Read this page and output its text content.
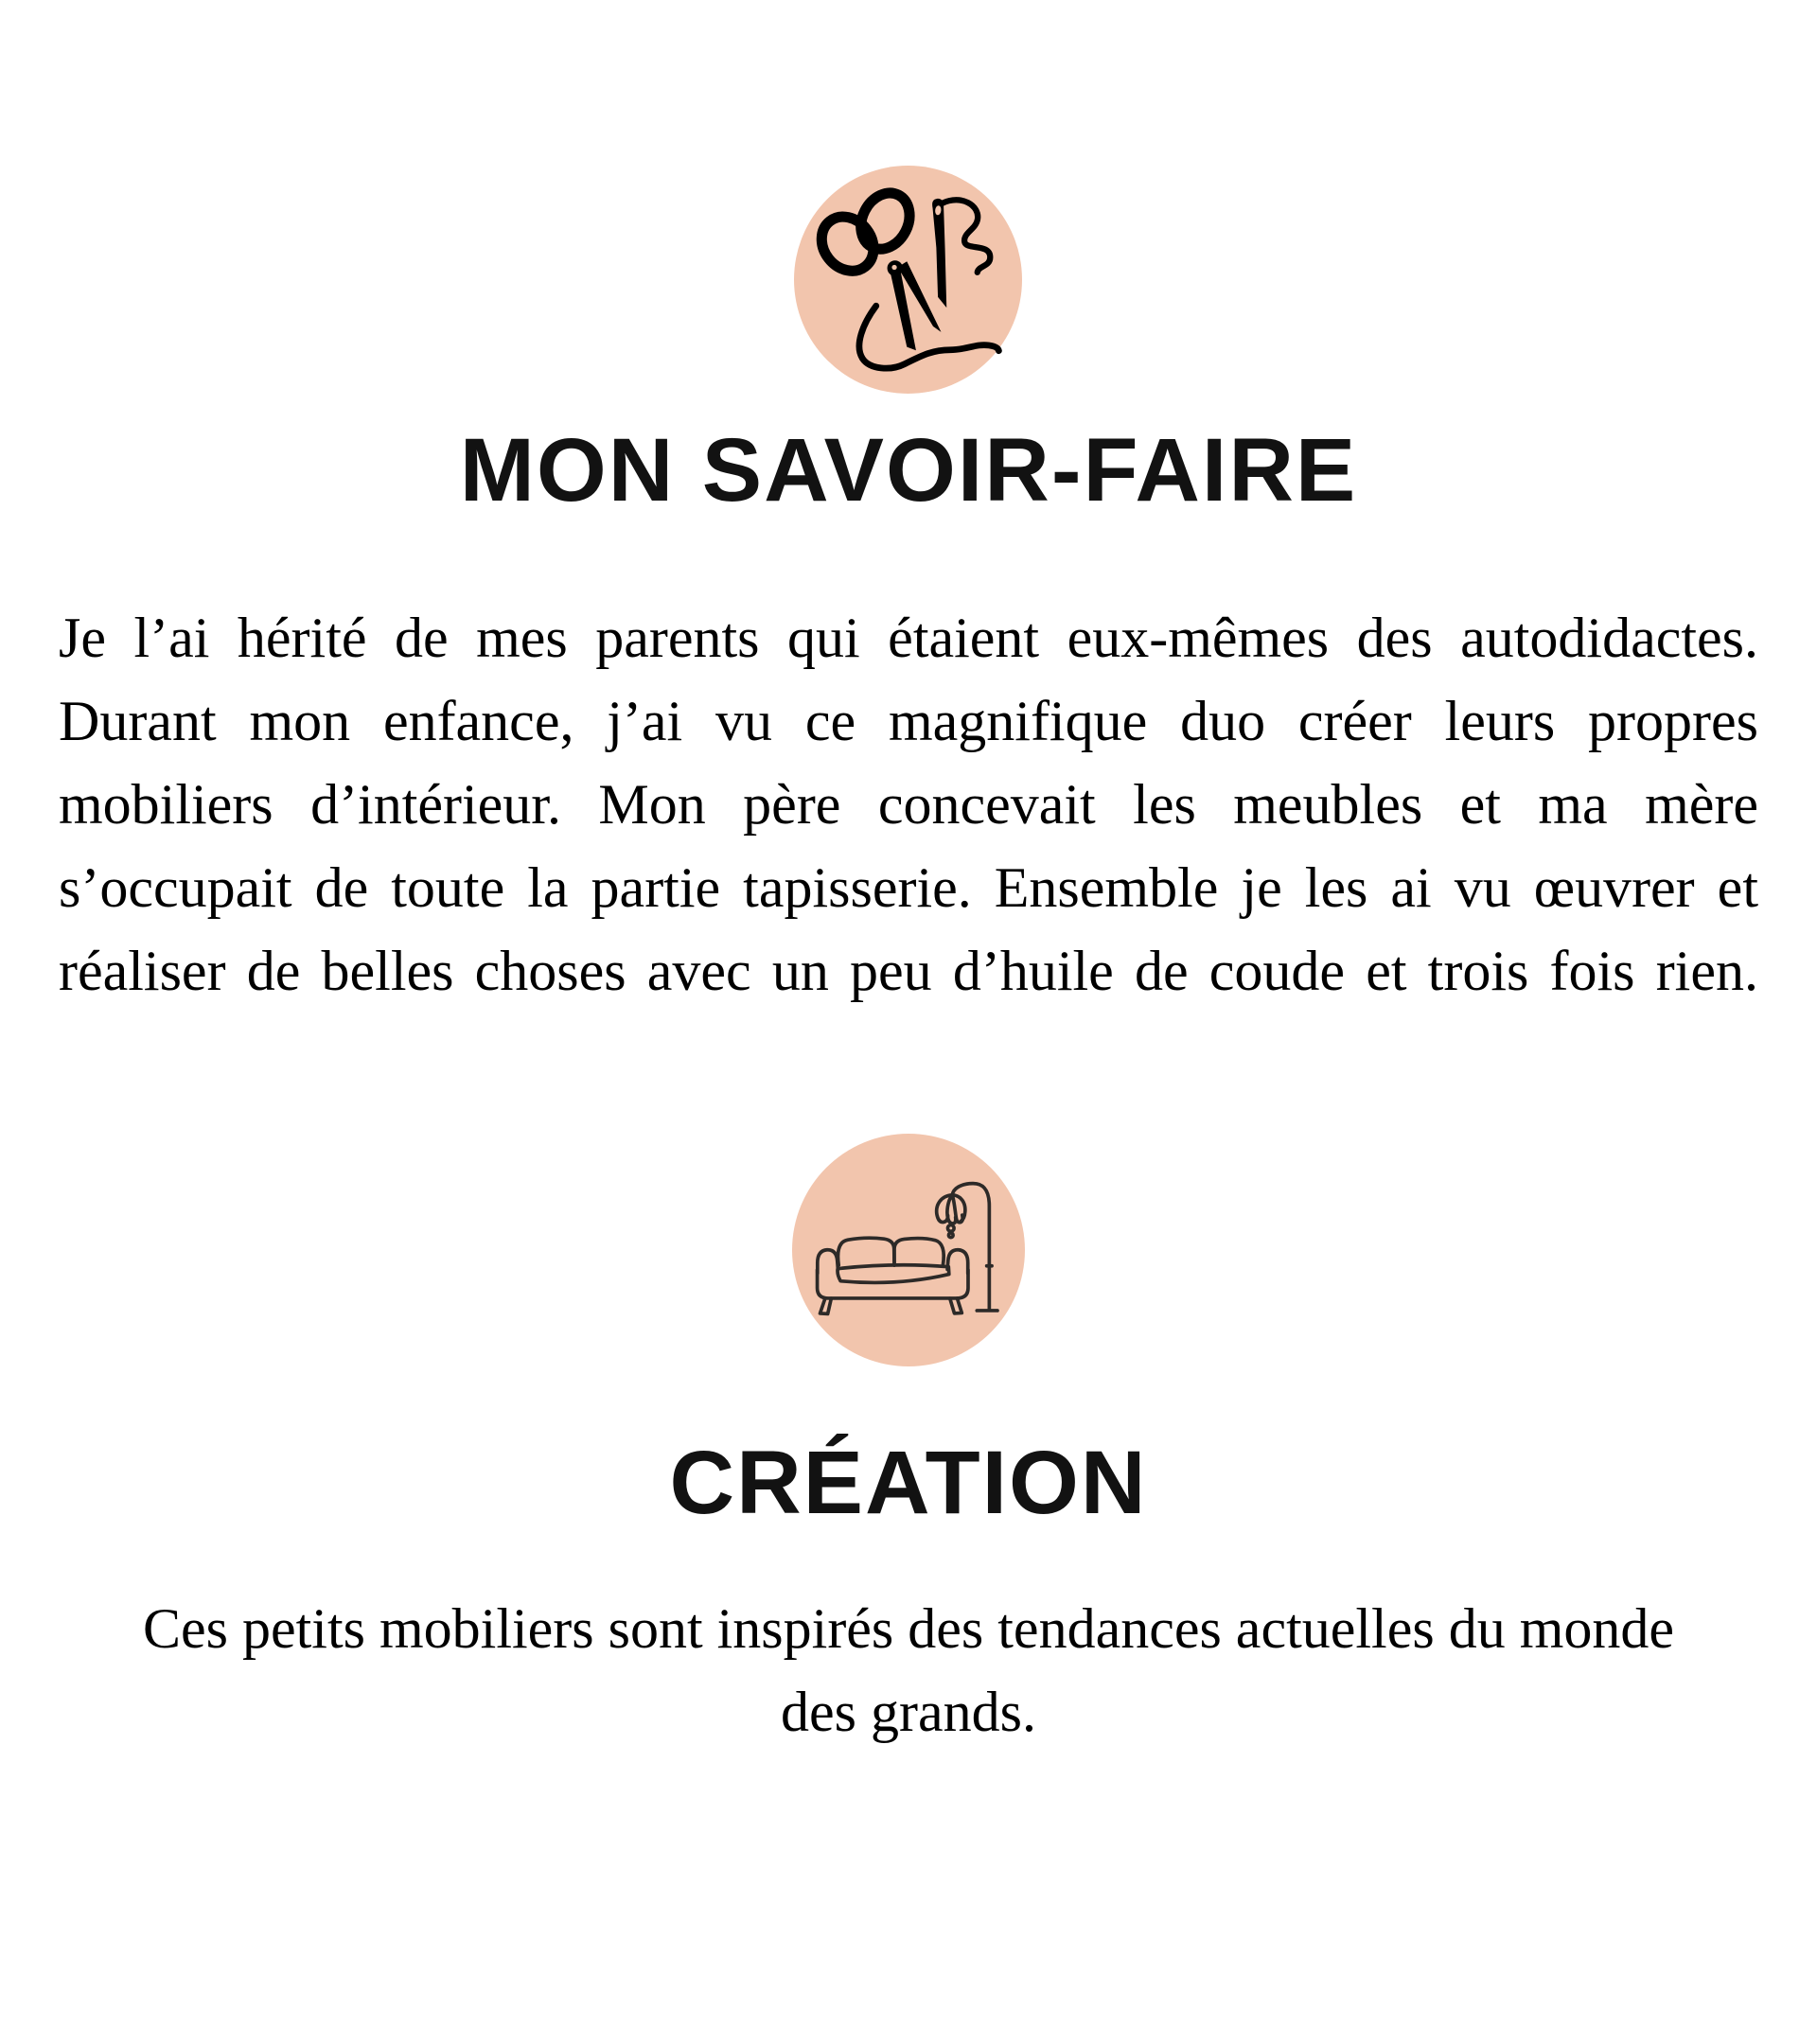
MON SAVOIR-FAIRE
Je l’ai hérité de mes parents qui étaient eux-mêmes des autodidactes.
Durant mon enfance, j’ai vu ce magnifique duo créer leurs propres
mobiliers d’intérieur. Mon père concevait les meubles et ma mère
s’occupait de toute la partie tapisserie. Ensemble je les ai vu œuvrer et
réaliser de belles choses avec un peu d’huile de coude et trois fois rien.
CRÉATION
Ces petits mobiliers sont inspirés des tendances actuelles du monde
des grands.
